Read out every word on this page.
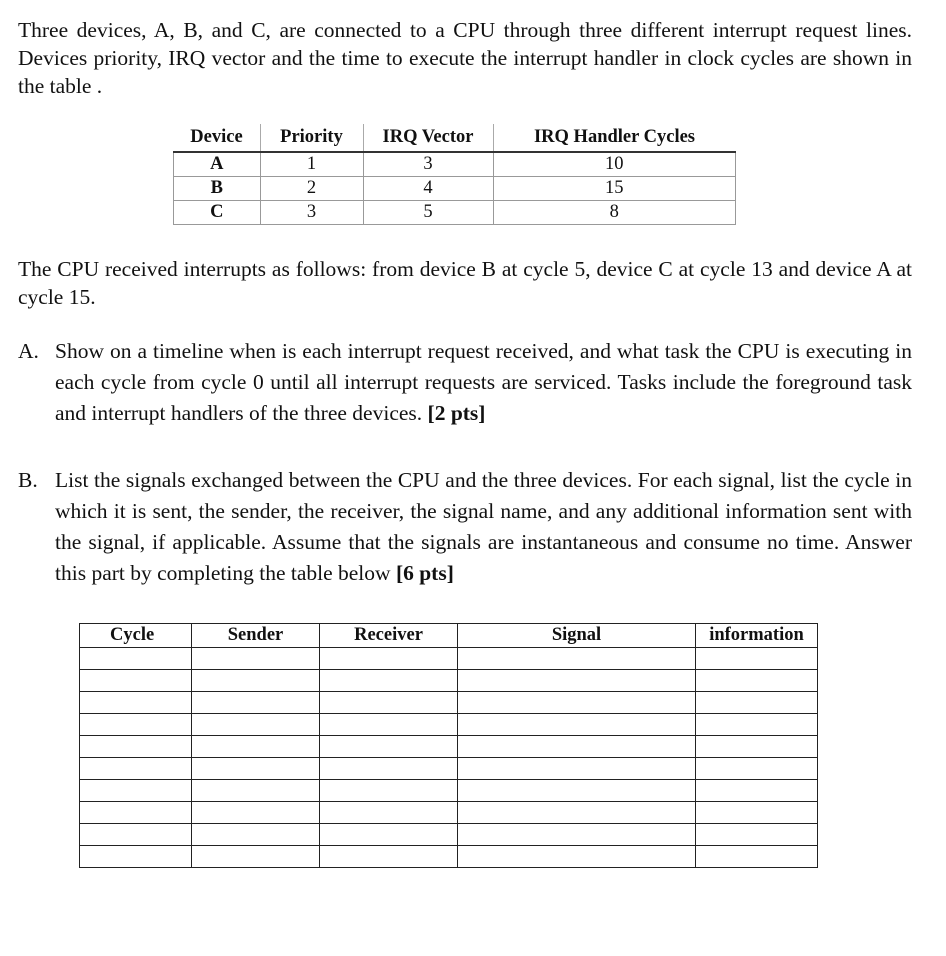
Three devices, A, B, and C, are connected to a CPU through three different interrupt request lines. Devices priority, IRQ vector and the time to execute the interrupt handler in clock cycles are shown in the table .
Device	Priority	IRQ Vector	IRQ Handler Cycles
A	1	3	10
B	2	4	15
C	3	5	8
The CPU received interrupts as follows: from device B at cycle 5, device C at cycle 13 and device A at cycle 15.
A. Show on a timeline when is each interrupt request received, and what task the CPU is executing in each cycle from cycle 0 until all interrupt requests are serviced. Tasks include the foreground task and interrupt handlers of the three devices. [2 pts]
B. List the signals exchanged between the CPU and the three devices. For each signal, list the cycle in which it is sent, the sender, the receiver, the signal name, and any additional information sent with the signal, if applicable. Assume that the signals are instantaneous and consume no time. Answer this part by completing the table below [6 pts]
Cycle	Sender	Receiver	Signal	information
